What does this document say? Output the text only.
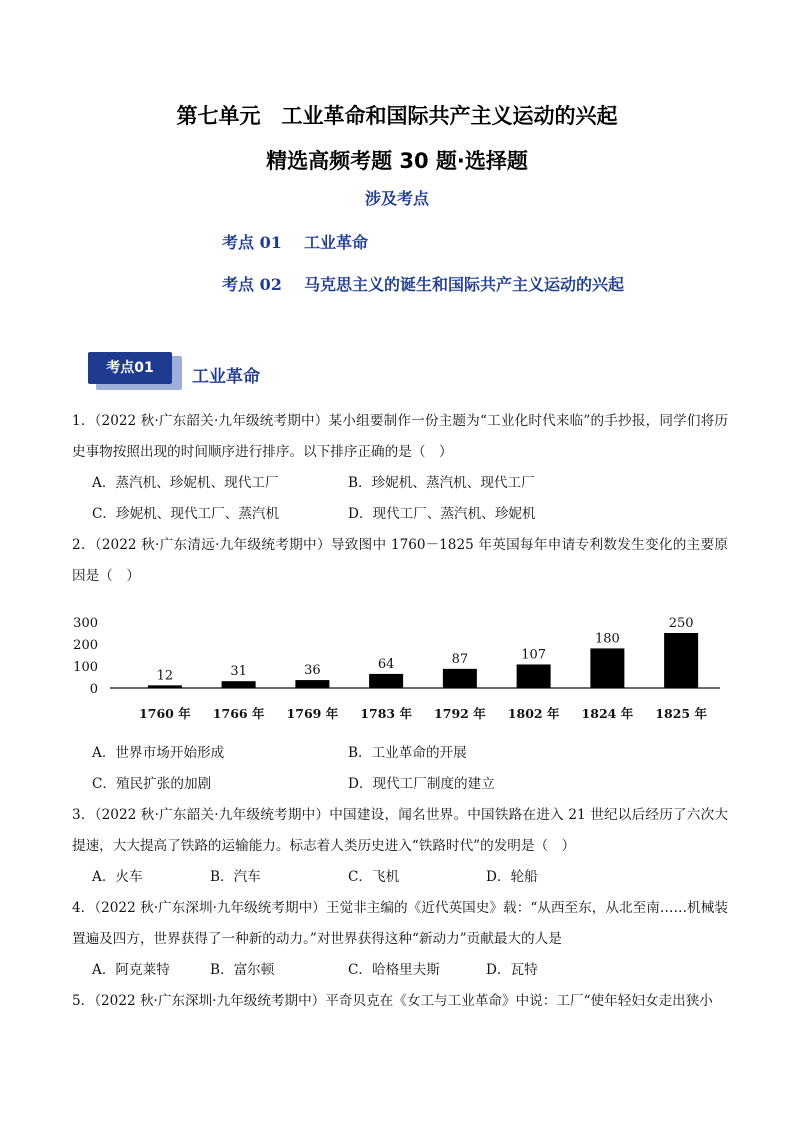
第七单元　工业革命和国际共产主义运动的兴起
精选高频考题 30 题·选择题
涉及考点
考点 01 工业革命
考点 02 马克思主义的诞生和国际共产主义运动的兴起
考点01	工业革命
1．（2022 秋·广东韶关·九年级统考期中）某小组要制作一份主题为“工业化时代来临”的手抄报，同学们将历史事物按照出现的时间顺序进行排序。以下排序正确的是（　）
A．蒸汽机、珍妮机、现代工厂	B．珍妮机、蒸汽机、现代工厂
C．珍妮机、现代工厂、蒸汽机	D．现代工厂、蒸汽机、珍妮机
2．（2022 秋·广东清远·九年级统考期中）导致图中 1760－1825 年英国每年申请专利数发生变化的主要原因是（　）
300
200
100
0
12
1760 年
31
1766 年
36
1769 年
64
1783 年
87
1792 年
107
1802 年
180
1824 年
250
1825 年
A．世界市场开始形成	B．工业革命的开展
C．殖民扩张的加剧	D．现代工厂制度的建立
3．（2022 秋·广东韶关·九年级统考期中）中国建设，闻名世界。中国铁路在进入 21 世纪以后经历了六次大提速，大大提高了铁路的运输能力。标志着人类历史进入“铁路时代”的发明是（　）
A．火车	B．汽车	C．飞机	D．轮船
4．（2022 秋·广东深圳·九年级统考期中）王觉非主编的《近代英国史》载：“从西至东，从北至南……机械装置遍及四方，世界获得了一种新的动力。”对世界获得这种“新动力”贡献最大的人是
A．阿克莱特	B．富尔顿	C．哈格里夫斯	D．瓦特
5．（2022 秋·广东深圳·九年级统考期中）平奇贝克在《女工与工业革命》中说：工厂“使年轻妇女走出狭小
